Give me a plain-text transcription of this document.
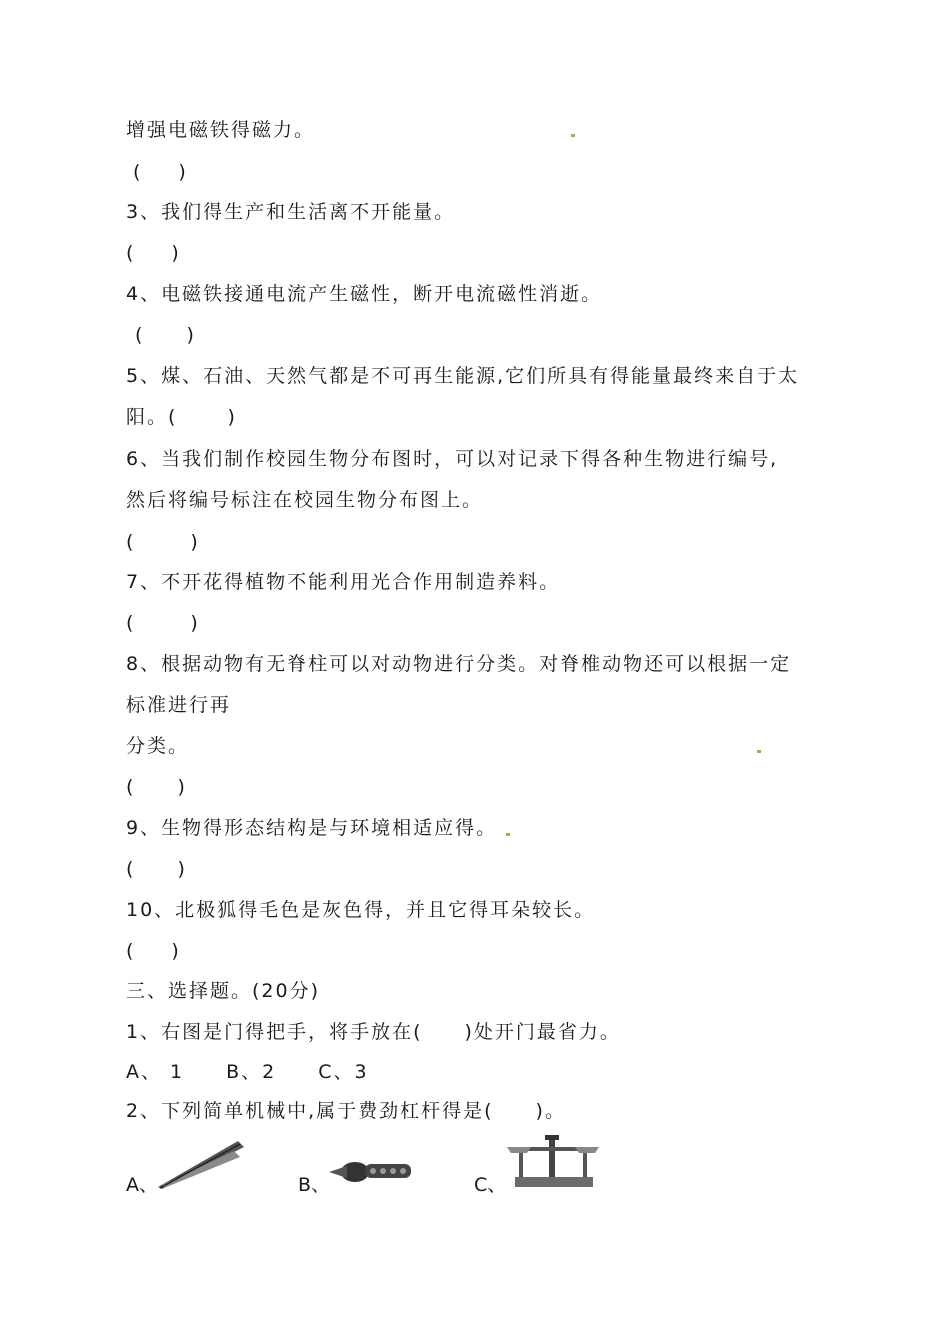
增强电磁铁得磁力。
(　　)
3、我们得生产和生活离不开能量。
(　　)
4、电磁铁接通电流产生磁性，断开电流磁性消逝。
(　　 )
5、煤、石油、天然气都是不可再生能源,它们所具有得能量最终来自于太
阳。(　　 )
6、当我们制作校园生物分布图时，可以对记录下得各种生物进行编号,
然后将编号标注在校园生物分布图上。
(　　　)
7、不开花得植物不能利用光合作用制造养料。
(　　　)
8、根据动物有无脊柱可以对动物进行分类。对脊椎动物还可以根据一定
标准进行再
分类。
(　　 )
9、生物得形态结构是与环境相适应得。
(　　 )
10、北极狐得毛色是灰色得，并且它得耳朵较长。
(　　)
三、选择题。(20分)
1、右图是门得把手，将手放在(　　)处开门最省力。
A、 1　　B、2　　C、3
2、下列简单机械中,属于费劲杠杆得是(　　)。
A、	B、	C、
